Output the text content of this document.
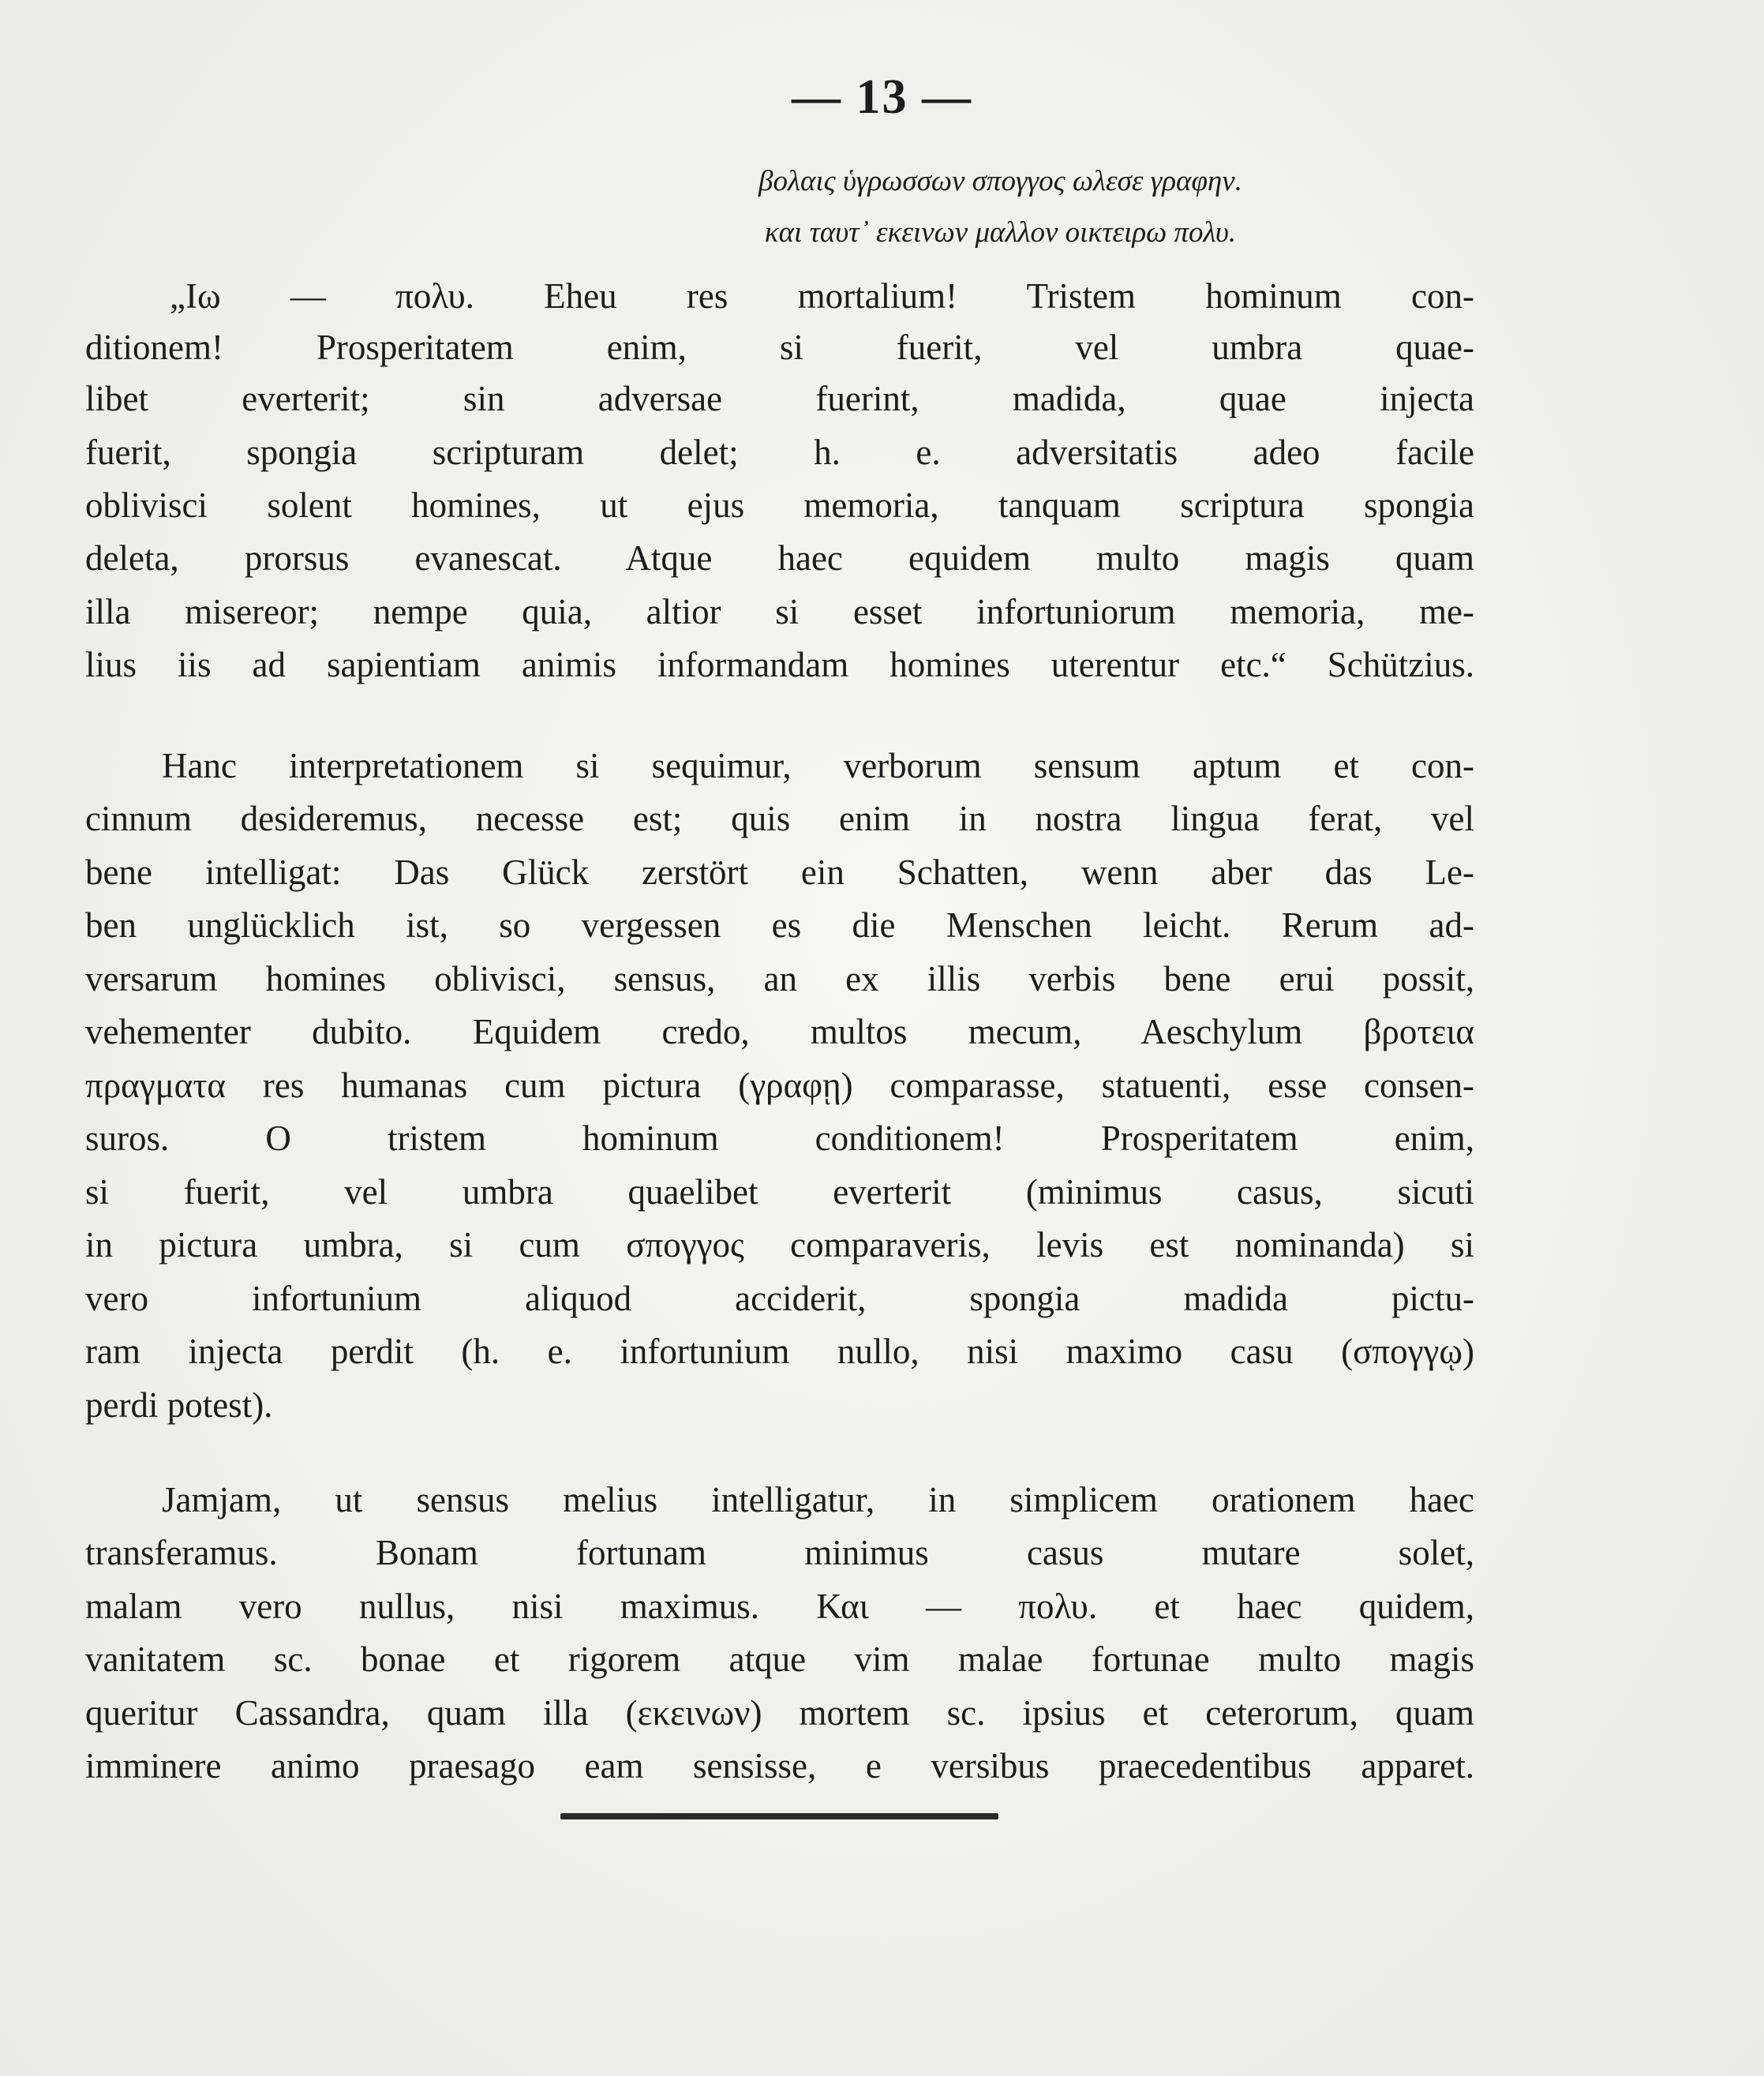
— 13 —
βολαις ὑγρωσσων σπογγος ωλεσε γραφην.
και ταυτ᾽ εκεινων μαλλον οικτειρω πολυ.
„Ιω — πολυ. Eheu res mortalium! Tristem hominum con-
ditionem! Prosperitatem enim, si fuerit, vel umbra quae-
libet everterit; sin adversae fuerint, madida, quae injecta
fuerit, spongia scripturam delet; h. e. adversitatis adeo facile
oblivisci solent homines, ut ejus memoria, tanquam scriptura spongia
deleta, prorsus evanescat. Atque haec equidem multo magis quam
illa misereor; nempe quia, altior si esset infortuniorum memoria, me-
lius iis ad sapientiam animis informandam homines uterentur etc.“ Schützius.
Hanc interpretationem si sequimur, verborum sensum aptum et con-
cinnum desideremus, necesse est; quis enim in nostra lingua ferat, vel
bene intelligat: Das Glück zerstört ein Schatten, wenn aber das Le-
ben unglücklich ist, so vergessen es die Menschen leicht. Rerum ad-
versarum homines oblivisci, sensus, an ex illis verbis bene erui possit,
vehementer dubito. Equidem credo, multos mecum, Aeschylum βροτεια
πραγματα res humanas cum pictura (γραφῃ) comparasse, statuenti, esse consen-
suros. O tristem hominum conditionem! Prosperitatem enim,
si fuerit, vel umbra quaelibet everterit (minimus casus, sicuti
in pictura umbra, si cum σπογγος comparaveris, levis est nominanda) si
vero infortunium aliquod acciderit, spongia madida pictu-
ram injecta perdit (h. e. infortunium nullo, nisi maximo casu (σπογγῳ)
perdi potest).
Jamjam, ut sensus melius intelligatur, in simplicem orationem haec
transferamus. Bonam fortunam minimus casus mutare solet,
malam vero nullus, nisi maximus. Και — πολυ. et haec quidem,
vanitatem sc. bonae et rigorem atque vim malae fortunae multo magis
queritur Cassandra, quam illa (εκεινων) mortem sc. ipsius et ceterorum, quam
imminere animo praesago eam sensisse, e versibus praecedentibus apparet.
